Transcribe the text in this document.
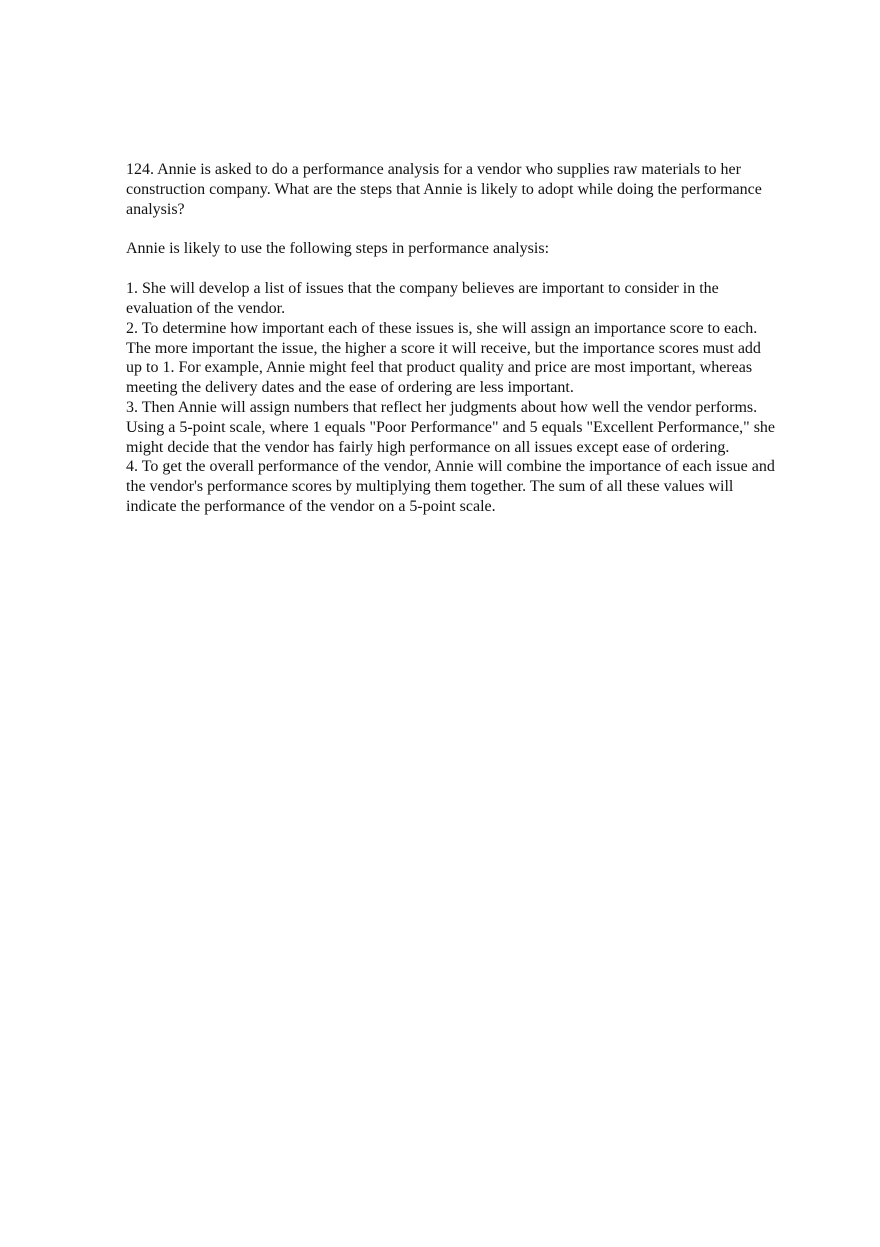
124. Annie is asked to do a performance analysis for a vendor who supplies raw materials to her construction company. What are the steps that Annie is likely to adopt while doing the performance analysis?

Annie is likely to use the following steps in performance analysis:

1. She will develop a list of issues that the company believes are important to consider in the evaluation of the vendor.

2. To determine how important each of these issues is, she will assign an importance score to each. The more important the issue, the higher a score it will receive, but the importance scores must add up to 1. For example, Annie might feel that product quality and price are most important, whereas meeting the delivery dates and the ease of ordering are less important.

3. Then Annie will assign numbers that reflect her judgments about how well the vendor performs. Using a 5-point scale, where 1 equals "Poor Performance" and 5 equals "Excellent Performance," she might decide that the vendor has fairly high performance on all issues except ease of ordering.

4. To get the overall performance of the vendor, Annie will combine the importance of each issue and the vendor's performance scores by multiplying them together. The sum of all these values will indicate the performance of the vendor on a 5-point scale.
